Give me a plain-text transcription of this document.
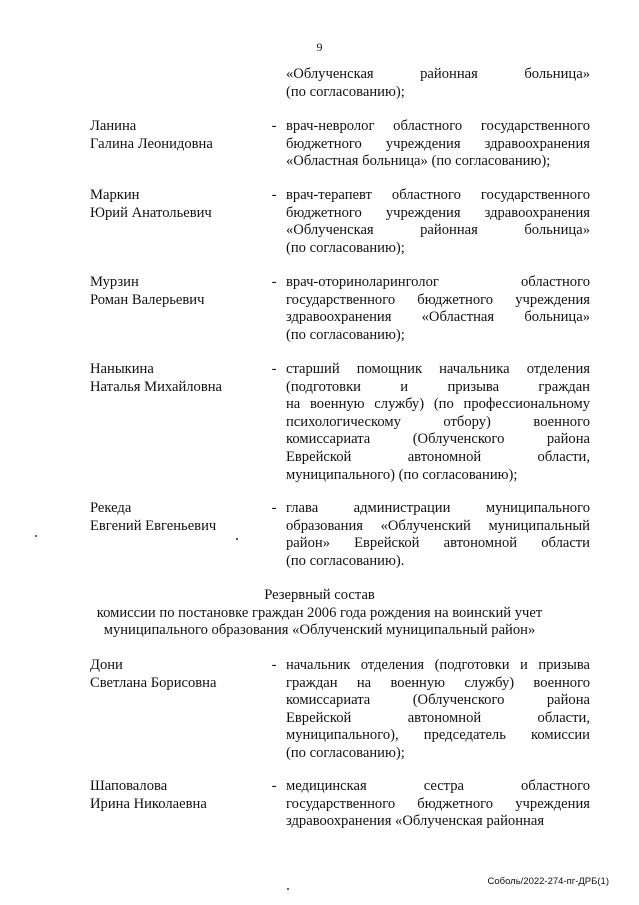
9
«Облученская районная больница»
(по согласованию);
Ланина
Галина Леонидовна
- врач-невролог областного государственного
бюджетного учреждения здравоохранения
«Областная больница» (по согласованию);
Маркин
Юрий Анатольевич
- врач-терапевт областного государственного
бюджетного учреждения здравоохранения
«Облученская районная больница»
(по согласованию);
Мурзин
Роман Валерьевич
- врач-оториноларинголог областного
государственного бюджетного учреждения
здравоохранения «Областная больница»
(по согласованию);
Наныкина
Наталья Михайловна
- старший помощник начальника отделения
(подготовки и призыва граждан
на военную службу) (по профессиональному
психологическому отбору) военного
комиссариата (Облученского района
Еврейской автономной области,
муниципального) (по согласованию);
Рекеда
Евгений Евгеньевич
- глава администрации муниципального
образования «Облученский муниципальный
район» Еврейской автономной области
(по согласованию).
Резервный состав
комиссии по постановке граждан 2006 года рождения на воинский учет
муниципального образования «Облученский муниципальный район»
Дони
Светлана Борисовна
- начальник отделения (подготовки и призыва
граждан на военную службу) военного
комиссариата (Облученского района
Еврейской автономной области,
муниципального), председатель комиссии
(по согласованию);
Шаповалова
Ирина Николаевна
- медицинская сестра областного
государственного бюджетного учреждения
здравоохранения «Облученская районная
Соболь/2022-274-пг-ДРБ(1)
